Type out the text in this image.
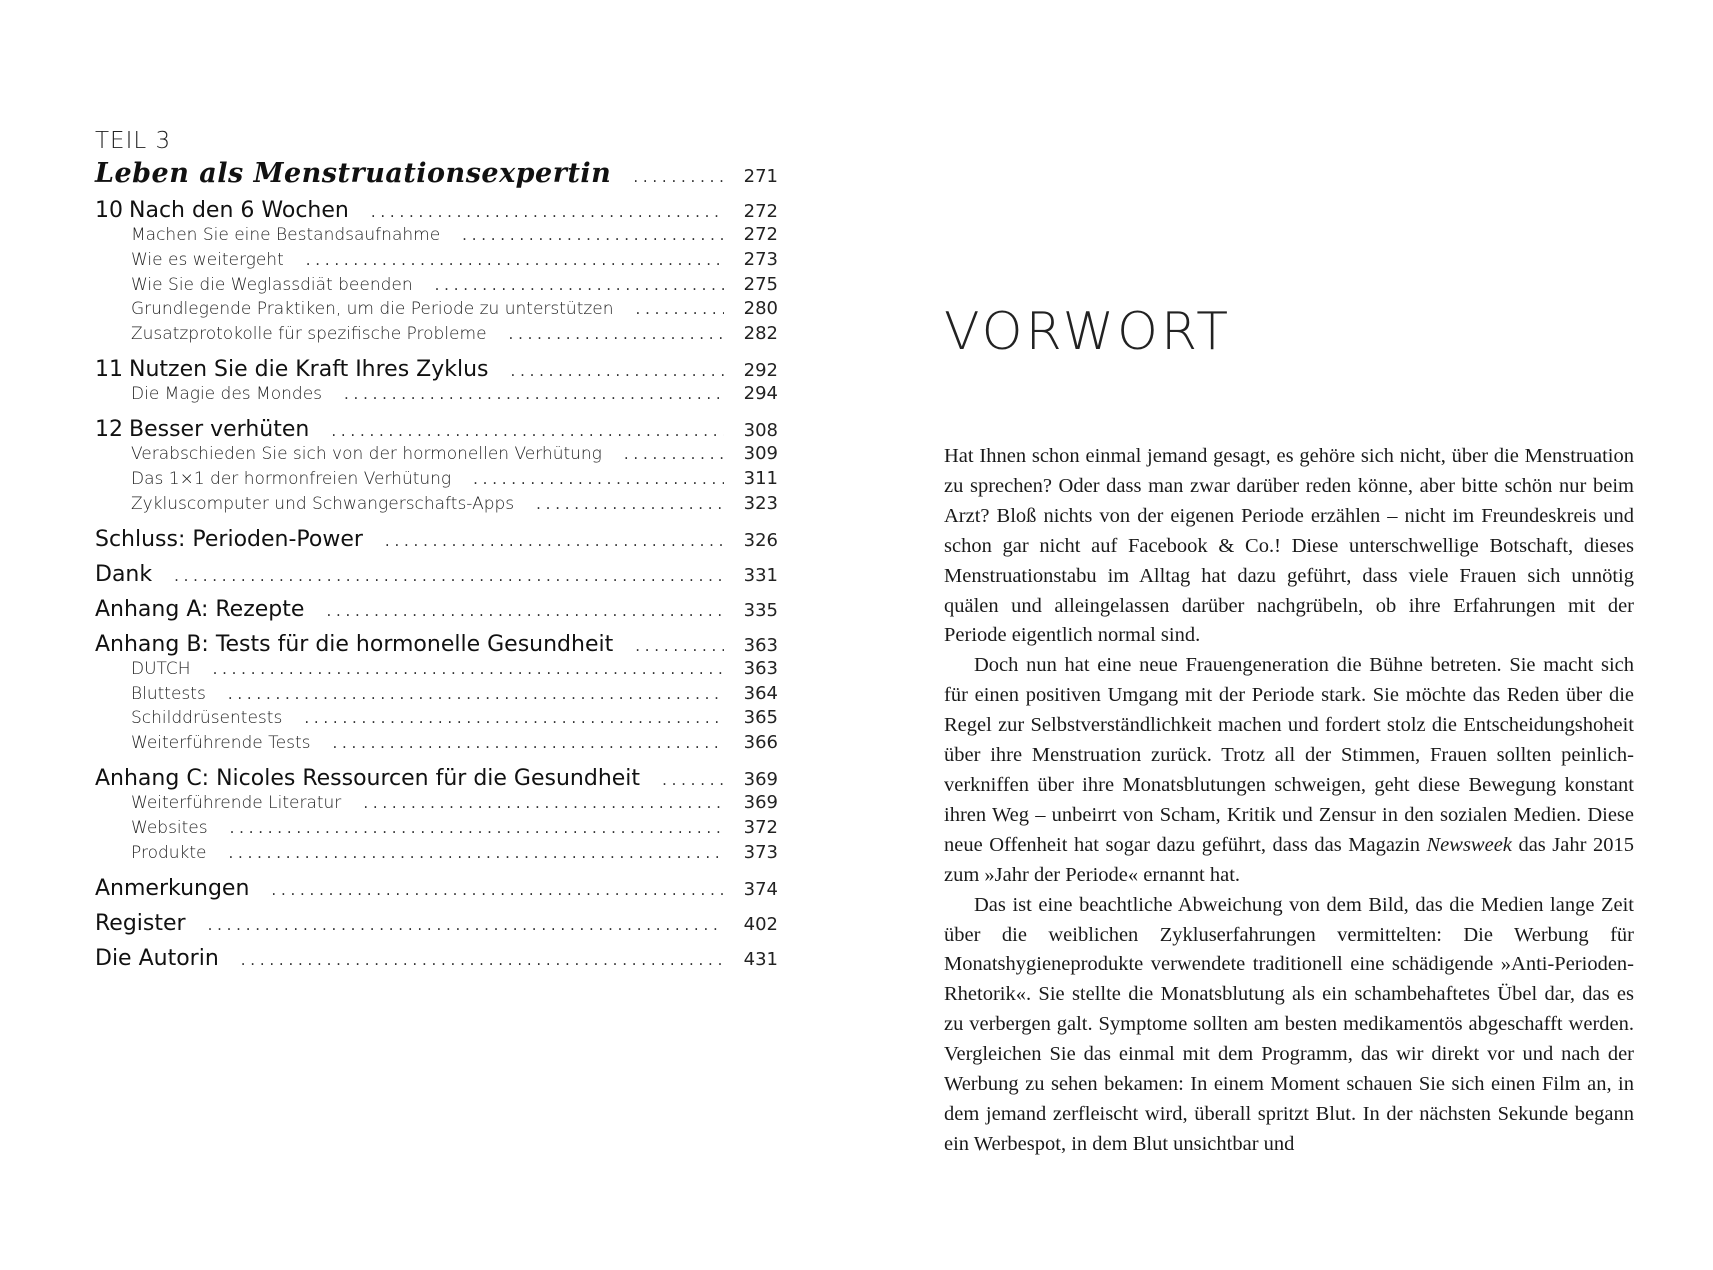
TEIL 3
Leben als Menstruationsexpertin . . .	271
10 Nach den 6 Wochen . . .	272
Machen Sie eine Bestandsaufnahme . . .	272
Wie es weitergeht . . .	273
Wie Sie die Weglassdiät beenden . . .	275
Grundlegende Praktiken, um die Periode zu unterstützen . . .	280
Zusatzprotokolle für spezifische Probleme . . .	282
11 Nutzen Sie die Kraft Ihres Zyklus . . .	292
Die Magie des Mondes . . .	294
12 Besser verhüten . . .	308
Verabschieden Sie sich von der hormonellen Verhütung . . .	309
Das 1×1 der hormonfreien Verhütung . . .	311
Zykluscomputer und Schwangerschafts-Apps . . .	323
Schluss: Perioden-Power . . .	326
Dank . . .	331
Anhang A: Rezepte . . .	335
Anhang B: Tests für die hormonelle Gesundheit . . .	363
DUTCH . . .	363
Bluttests . . .	364
Schilddrüsentests . . .	365
Weiterführende Tests . . .	366
Anhang C: Nicoles Ressourcen für die Gesundheit . . .	369
Weiterführende Literatur . . .	369
Websites . . .	372
Produkte . . .	373
Anmerkungen . . .	374
Register . . .	402
Die Autorin . . .	431
VORWORT

Hat Ihnen schon einmal jemand gesagt, es gehöre sich nicht, über die Menstruation zu sprechen? Oder dass man zwar darüber reden könne, aber bitte schön nur beim Arzt? Bloß nichts von der eigenen Periode erzählen – nicht im Freundeskreis und schon gar nicht auf Facebook & Co.! Diese unterschwellige Botschaft, dieses Menstruationstabu im Alltag hat dazu geführt, dass viele Frauen sich unnötig quälen und alleingelassen darüber nachgrübeln, ob ihre Erfahrungen mit der Periode eigentlich normal sind.

Doch nun hat eine neue Frauengeneration die Bühne betreten. Sie macht sich für einen positiven Umgang mit der Periode stark. Sie möchte das Reden über die Regel zur Selbstverständlichkeit machen und fordert stolz die Entscheidungshoheit über ihre Menstruation zurück. Trotz all der Stimmen, Frauen sollten peinlich-verkniffen über ihre Monatsblutungen schweigen, geht diese Bewegung konstant ihren Weg – unbeirrt von Scham, Kritik und Zensur in den sozialen Medien. Diese neue Offenheit hat sogar dazu geführt, dass das Magazin Newsweek das Jahr 2015 zum »Jahr der Periode« ernannt hat.

Das ist eine beachtliche Abweichung von dem Bild, das die Medien lange Zeit über die weiblichen Zykluserfahrungen vermittelten: Die Werbung für Monatshygieneprodukte verwendete traditionell eine schädigende »Anti-Perioden-Rhetorik«. Sie stellte die Monatsblutung als ein schambehaftetes Übel dar, das es zu verbergen galt. Symptome sollten am besten medikamentös abgeschafft werden. Vergleichen Sie das einmal mit dem Programm, das wir direkt vor und nach der Werbung zu sehen bekamen: In einem Moment schauen Sie sich einen Film an, in dem jemand zerfleischt wird, überall spritzt Blut. In der nächsten Sekunde begann ein Werbespot, in dem Blut unsichtbar und
